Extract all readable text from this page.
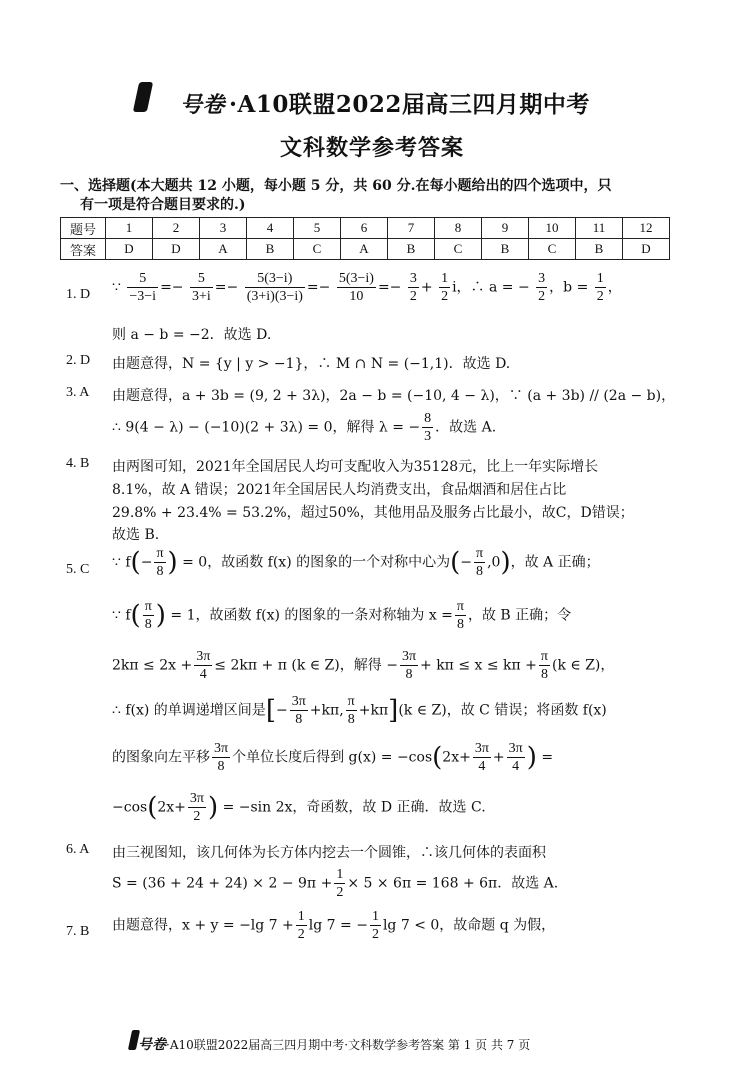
号卷 ·A10联盟2022届高三四月期中考
文科数学参考答案
一、选择题(本大题共 12 小题，每小题 5 分，共 60 分.在每小题给出的四个选项中，只
有一项是符合题目要求的.)
题号	1	2	3	4	5	6	7	8	9	10	11	12
答案	D	D	A	B	C	A	B	C	B	C	B	D
1. D ∵ $\frac{5}{-3-i} =- \frac{5}{3+i} =- \frac{5(3-i)}{(3+i)(3-i)} =- \frac{5(3-i)}{10} =- \frac{3}{2} + \frac{1}{2}$ i，∴ a = − $\frac{3}{2}$ ，$b = \frac{1}{2}$ ，
则 a − b = −2．故选 D.
2. D 由题意得，N = {y | y > −1}，∴ M ∩ N = (−1,1)．故选 D.
3. A 由题意得，a + 3b = (9, 2 + 3λ)，2a − b = (−10, 4 − λ)，∵ (a + 3b) // (2a − b)，
∴ 9(4 − λ) − (−10)(2 + 3λ) = 0，解得 λ = − $\frac{8}{3}$ ．故选 A.
4. B 由两图可知，2021年全国居民人均可支配收入为35128元，比上一年实际增长
8.1%，故 A 错误；2021年全国居民人均消费支出，食品烟酒和居住占比
29.8% + 23.4% = 53.2%，超过50%，其他用品及服务占比最小，故C，D错误；
故选 B.
5. C ∵ $f(- \frac{\pi}{8}$ ) = 0，故函数 f(x) 的图象的一个对称中心为(− $\frac{\pi}{8} ,0$)，故 A 正确；
∵ $f( \frac{\pi}{8}$ ) = 1，故函数 f(x) 的图象的一条对称轴为 $x = \frac{\pi}{8}$ ，故 B 正确；令
$2k\pi \le 2x + \frac{3\pi}{4} \le 2k\pi + \pi$ (k ∈ Z)，解得 − $\frac{3\pi}{8} + k\pi \le x \le k\pi + \frac{\pi}{8} (k$ ∈ Z)，
∴ f(x) 的单调递增区间是[− $\frac{3\pi}{8} +k\pi$, $\frac{\pi}{8} +k\pi](k$ ∈ Z)，故 C 错误；将函数 f(x)
的图象向左平移 $\frac{3\pi}{8}$ 个单位长度后得到 $g(x) = -\cos(2x+ \frac{3\pi}{4} + \frac{3\pi}{4}$ ) =
$-\cos(2x+ \frac{3\pi}{2}$ ) = −sin 2x，奇函数，故 D 正确．故选 C.
6. A 由三视图知，该几何体为长方体内挖去一个圆锥，∴该几何体的表面积
$S = (36 + 24 + 24) \times 2 - 9\pi + \frac{1}{2} \times 5 \times 6\pi = 168 + 6\pi$．故选 A.
7. B 由题意得，x + y = −lg $7 + \frac{1}{2}$ lg 7 = − $\frac{1}{2}$ lg 7 < 0，故命题 q 为假，
号卷·A10联盟2022届高三四月期中考·文科数学参考答案 第 1 页 共 7 页
